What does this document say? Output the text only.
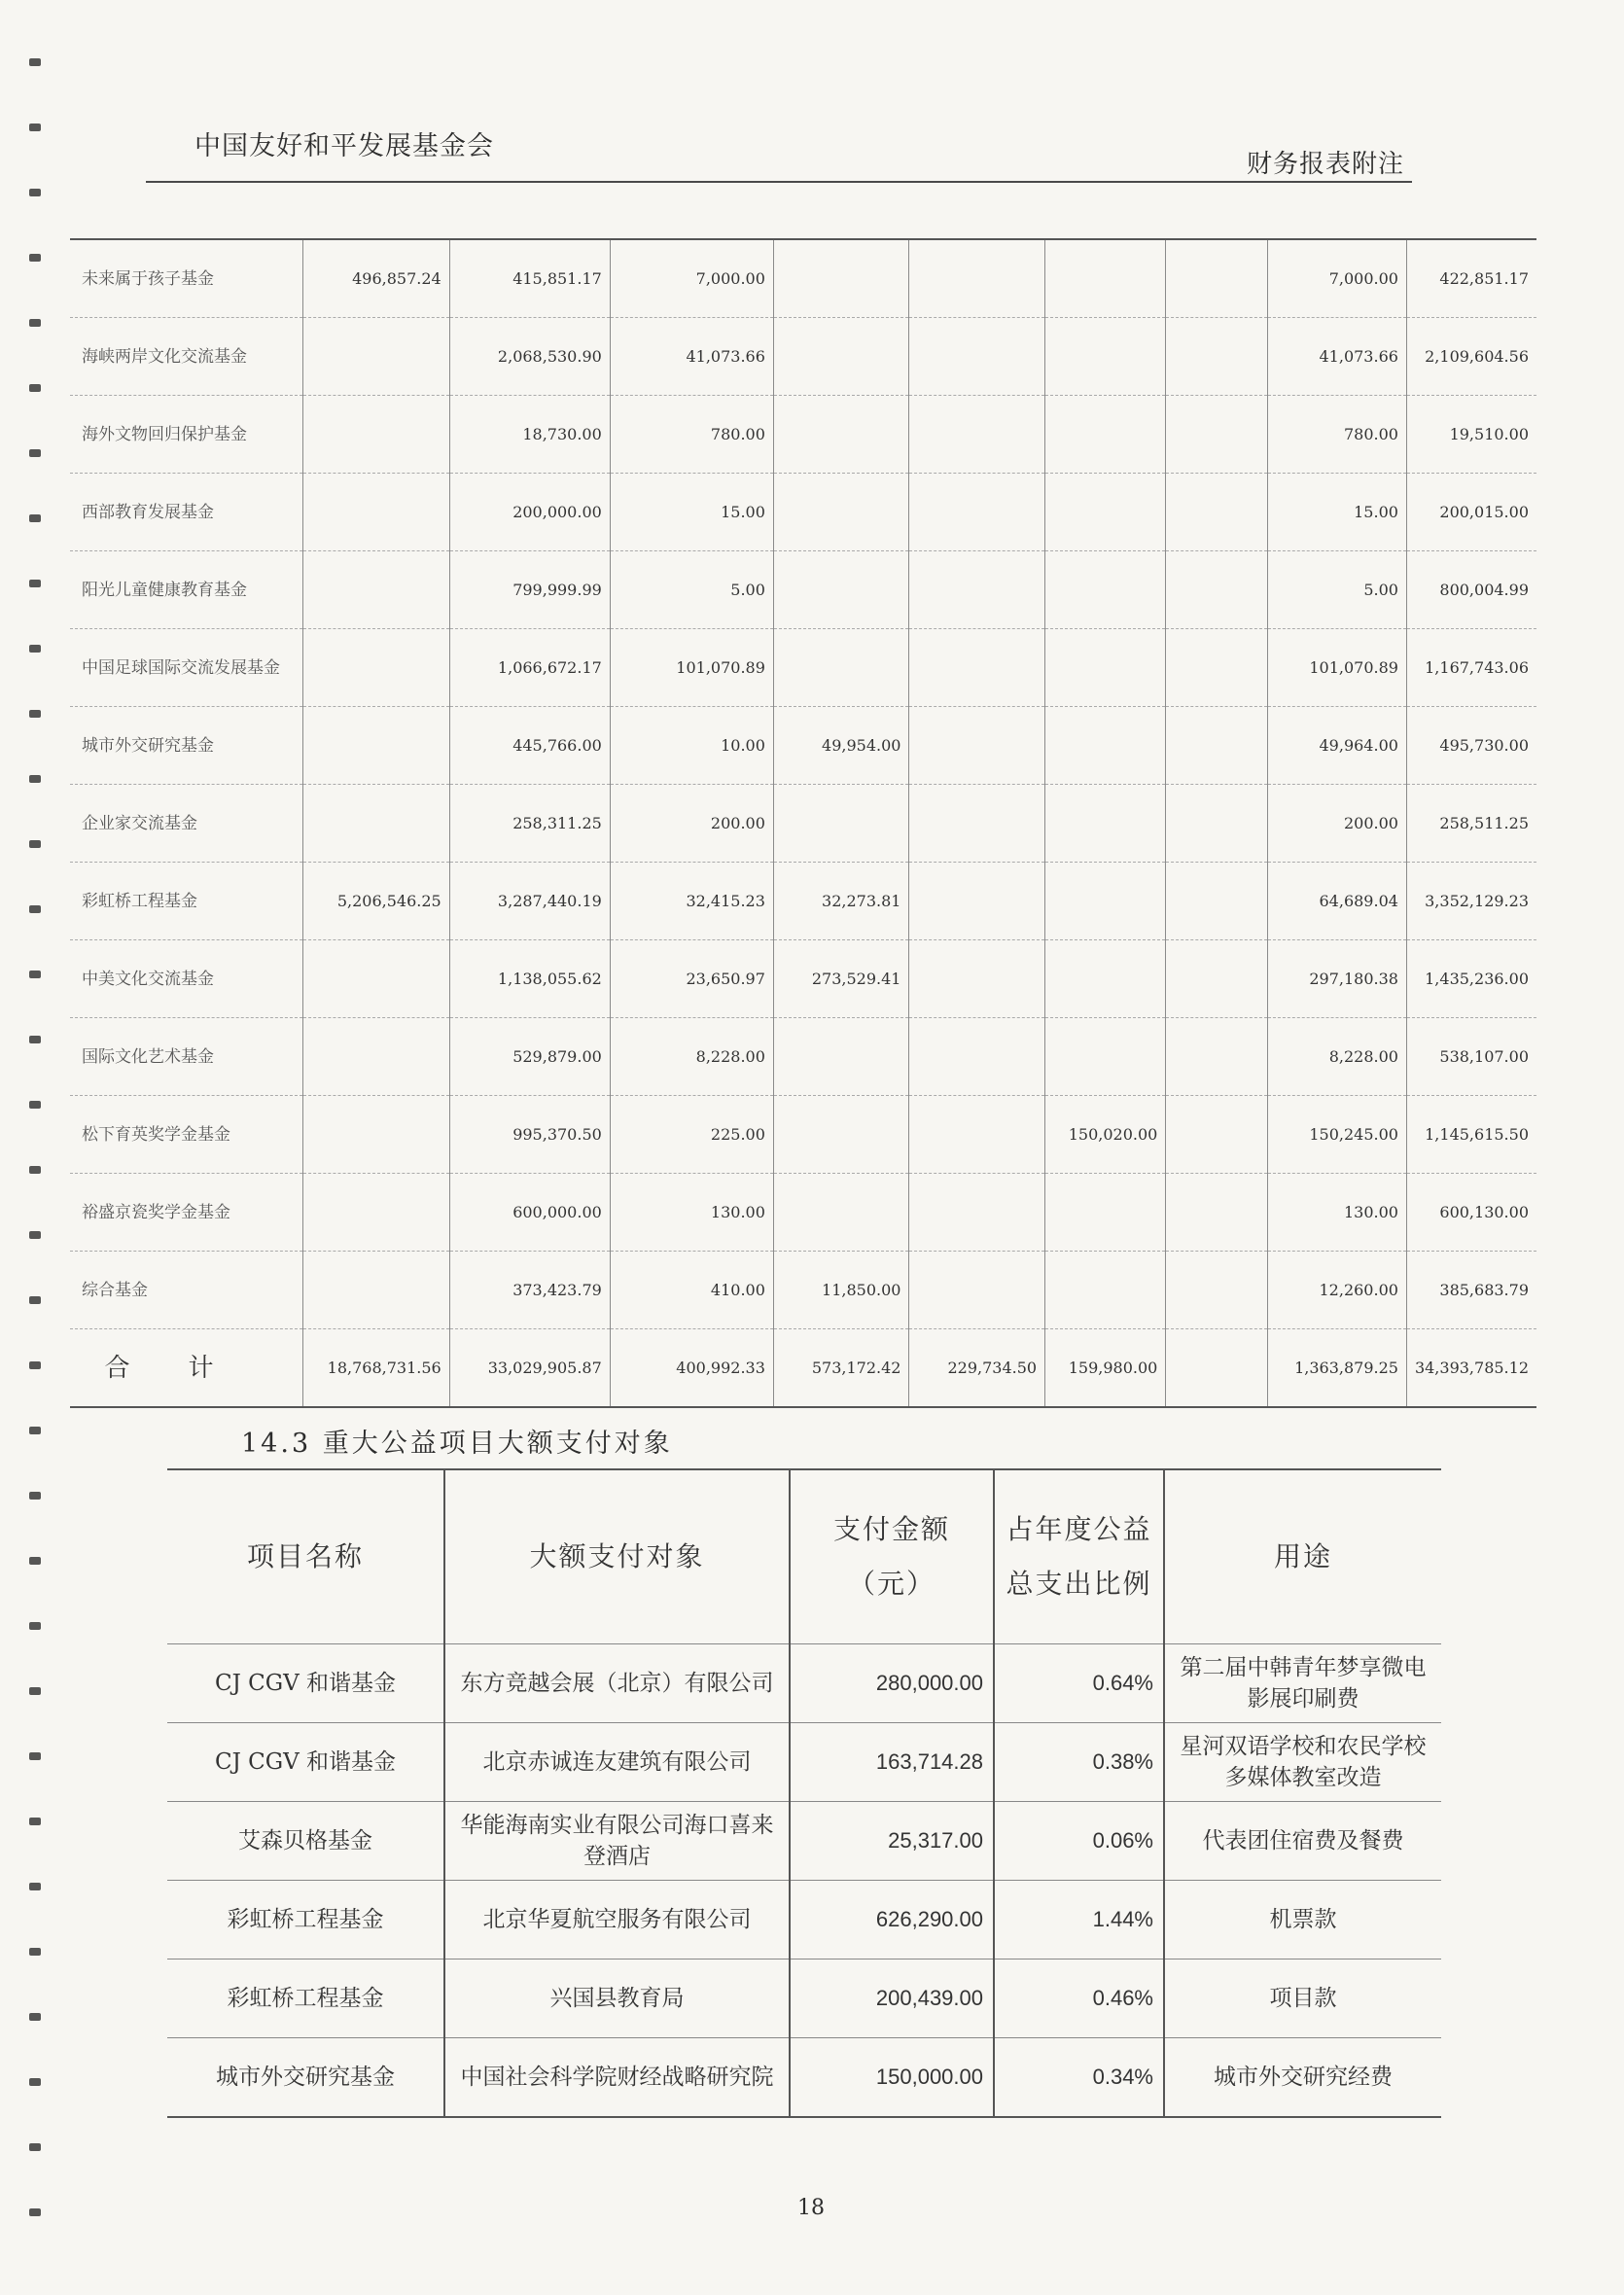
中国友好和平发展基金会
财务报表附注
未来属于孩子基金	496,857.24	415,851.17	7,000.00					7,000.00	422,851.17
海峡两岸文化交流基金		2,068,530.90	41,073.66					41,073.66	2,109,604.56
海外文物回归保护基金		18,730.00	780.00					780.00	19,510.00
西部教育发展基金		200,000.00	15.00					15.00	200,015.00
阳光儿童健康教育基金		799,999.99	5.00					5.00	800,004.99
中国足球国际交流发展基金		1,066,672.17	101,070.89					101,070.89	1,167,743.06
城市外交研究基金		445,766.00	10.00	49,954.00				49,964.00	495,730.00
企业家交流基金		258,311.25	200.00					200.00	258,511.25
彩虹桥工程基金	5,206,546.25	3,287,440.19	32,415.23	32,273.81				64,689.04	3,352,129.23
中美文化交流基金		1,138,055.62	23,650.97	273,529.41				297,180.38	1,435,236.00
国际文化艺术基金		529,879.00	8,228.00					8,228.00	538,107.00
松下育英奖学金基金		995,370.50	225.00			150,020.00		150,245.00	1,145,615.50
裕盛京瓷奖学金基金		600,000.00	130.00					130.00	600,130.00
综合基金		373,423.79	410.00	11,850.00				12,260.00	385,683.79
合计	18,768,731.56	33,029,905.87	400,992.33	573,172.42	229,734.50	159,980.00		1,363,879.25	34,393,785.12
14.3 重大公益项目大额支付对象
项目名称	大额支付对象	支付金额（元）	占年度公益总支出比例	用途
CJ CGV 和谐基金	东方竞越会展（北京）有限公司	280,000.00	0.64%	第二届中韩青年梦享微电影展印刷费
CJ CGV 和谐基金	北京赤诚连友建筑有限公司	163,714.28	0.38%	星河双语学校和农民学校多媒体教室改造
艾森贝格基金	华能海南实业有限公司海口喜来登酒店	25,317.00	0.06%	代表团住宿费及餐费
彩虹桥工程基金	北京华夏航空服务有限公司	626,290.00	1.44%	机票款
彩虹桥工程基金	兴国县教育局	200,439.00	0.46%	项目款
城市外交研究基金	中国社会科学院财经战略研究院	150,000.00	0.34%	城市外交研究经费
18
